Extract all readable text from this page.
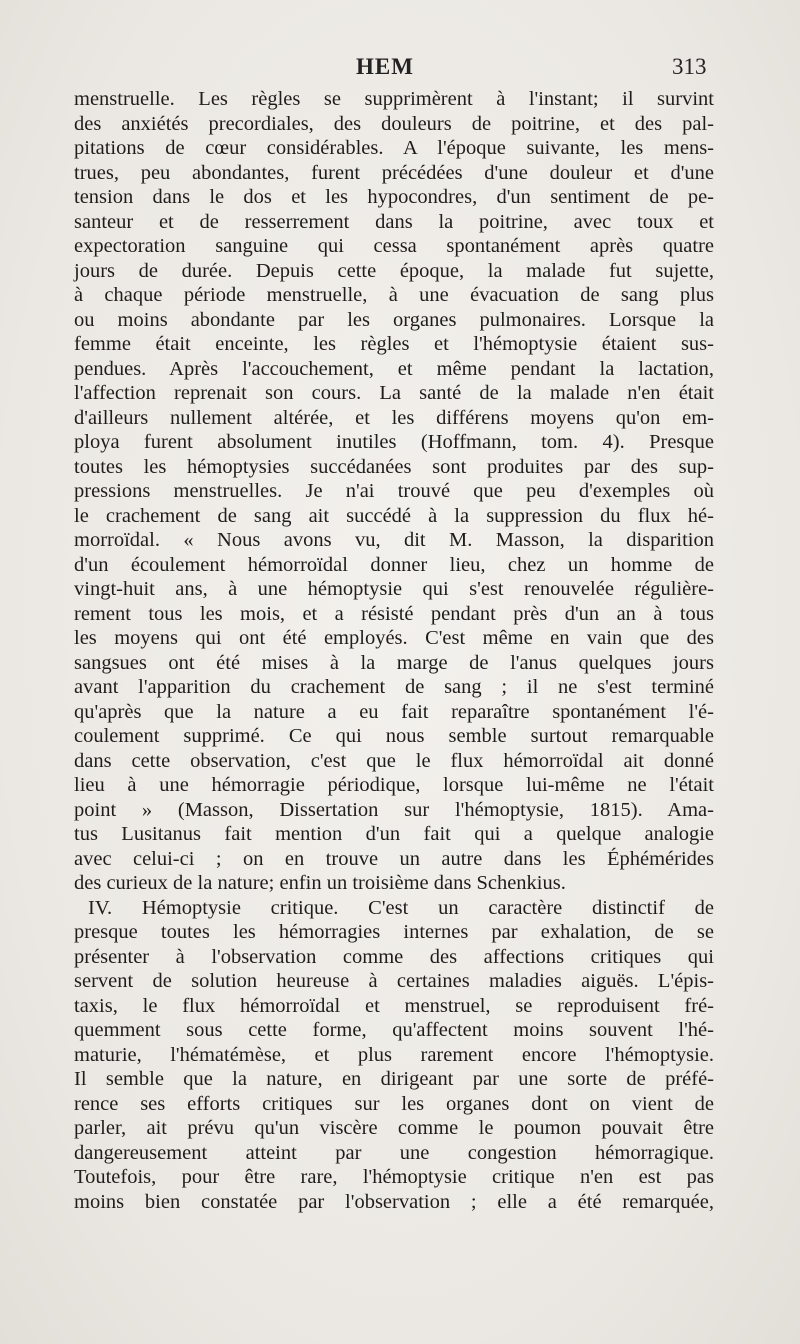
HEM	313
menstruelle. Les règles se supprimèrent à l'instant; il survint
des anxiétés precordiales, des douleurs de poitrine, et des pal-
pitations de cœur considérables. A l'époque suivante, les mens-
trues, peu abondantes, furent précédées d'une douleur et d'une
tension dans le dos et les hypocondres, d'un sentiment de pe-
santeur et de resserrement dans la poitrine, avec toux et
expectoration sanguine qui cessa spontanément après quatre
jours de durée. Depuis cette époque, la malade fut sujette,
à chaque période menstruelle, à une évacuation de sang plus
ou moins abondante par les organes pulmonaires. Lorsque la
femme était enceinte, les règles et l'hémoptysie étaient sus-
pendues. Après l'accouchement, et même pendant la lactation,
l'affection reprenait son cours. La santé de la malade n'en était
d'ailleurs nullement altérée, et les différens moyens qu'on em-
ploya furent absolument inutiles (Hoffmann, tom. 4). Presque
toutes les hémoptysies succédanées sont produites par des sup-
pressions menstruelles. Je n'ai trouvé que peu d'exemples où
le crachement de sang ait succédé à la suppression du flux hé-
morroïdal. « Nous avons vu, dit M. Masson, la disparition
d'un écoulement hémorroïdal donner lieu, chez un homme de
vingt-huit ans, à une hémoptysie qui s'est renouvelée régulière-
rement tous les mois, et a résisté pendant près d'un an à tous
les moyens qui ont été employés. C'est même en vain que des
sangsues ont été mises à la marge de l'anus quelques jours
avant l'apparition du crachement de sang ; il ne s'est terminé
qu'après que la nature a eu fait reparaître spontanément l'é-
coulement supprimé. Ce qui nous semble surtout remarquable
dans cette observation, c'est que le flux hémorroïdal ait donné
lieu à une hémorragie périodique, lorsque lui-même ne l'était
point » (Masson, Dissertation sur l'hémoptysie, 1815). Ama-
tus Lusitanus fait mention d'un fait qui a quelque analogie
avec celui-ci ; on en trouve un autre dans les Éphémérides
des curieux de la nature; enfin un troisième dans Schenkius.
IV. Hémoptysie critique. C'est un caractère distinctif de
presque toutes les hémorragies internes par exhalation, de se
présenter à l'observation comme des affections critiques qui
servent de solution heureuse à certaines maladies aiguës. L'épis-
taxis, le flux hémorroïdal et menstruel, se reproduisent fré-
quemment sous cette forme, qu'affectent moins souvent l'hé-
maturie, l'hématémèse, et plus rarement encore l'hémoptysie.
Il semble que la nature, en dirigeant par une sorte de préfé-
rence ses efforts critiques sur les organes dont on vient de
parler, ait prévu qu'un viscère comme le poumon pouvait être
dangereusement atteint par une congestion hémorragique.
Toutefois, pour être rare, l'hémoptysie critique n'en est pas
moins bien constatée par l'observation ; elle a été remarquée,
